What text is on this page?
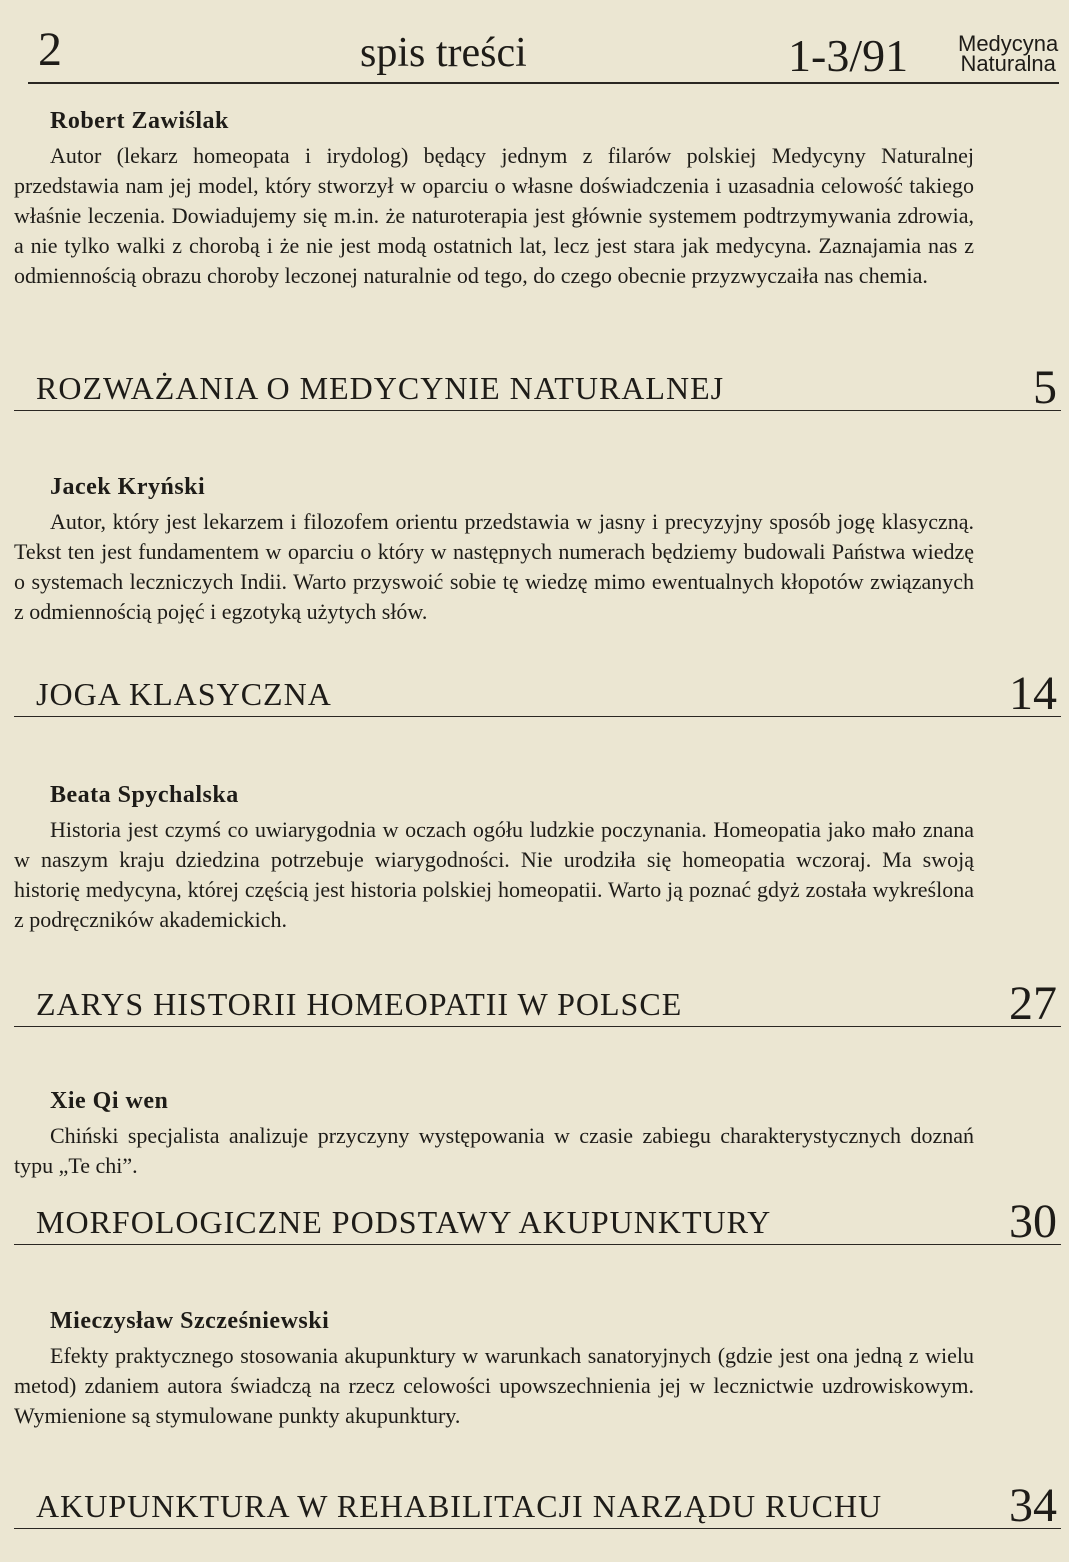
2	spis treści	1-3/91 Medycyna
Naturalna
Robert Zawiślak

Autor (lekarz homeopata i irydolog) będący jednym z filarów polskiej Medycyny Naturalnej przedstawia nam jej model, który stworzył w oparciu o własne doświadczenia i uzasadnia celowość takiego właśnie leczenia. Dowiadujemy się m.in. że naturoterapia jest głównie systemem podtrzymywania zdrowia, a nie tylko walki z chorobą i że nie jest modą ostatnich lat, lecz jest stara jak medycyna. Zaznajamia nas z odmiennością obrazu choroby leczonej naturalnie od tego, do czego obecnie przyzwyczaiła nas chemia.

ROZWAŻANIA O MEDYCYNIE NATURALNEJ	5
Jacek Kryński

Autor, który jest lekarzem i filozofem orientu przedstawia w jasny i precyzyjny sposób jogę klasyczną. Tekst ten jest fundamentem w oparciu o który w następnych numerach będziemy budowali Państwa wiedzę o systemach leczniczych Indii. Warto przyswoić sobie tę wiedzę mimo ewentualnych kłopotów związanych z odmiennością pojęć i egzotyką użytych słów.

JOGA KLASYCZNA	14
Beata Spychalska

Historia jest czymś co uwiarygodnia w oczach ogółu ludzkie poczynania. Homeopatia jako mało znana w naszym kraju dziedzina potrzebuje wiarygodności. Nie urodziła się homeopatia wczoraj. Ma swoją historię medycyna, której częścią jest historia polskiej homeopatii. Warto ją poznać gdyż została wykreślona z podręczników akademickich.

ZARYS HISTORII HOMEOPATII W POLSCE	27
Xie Qi wen

Chiński specjalista analizuje przyczyny występowania w czasie zabiegu charakterystycznych doznań typu „Te chi”.

MORFOLOGICZNE PODSTAWY AKUPUNKTURY	30
Mieczysław Szcześniewski

Efekty praktycznego stosowania akupunktury w warunkach sanatoryjnych (gdzie jest ona jedną z wielu metod) zdaniem autora świadczą na rzecz celowości upowszechnienia jej w lecznictwie uzdrowiskowym. Wymienione są stymulowane punkty akupunktury.

AKUPUNKTURA W REHABILITACJI NARZĄDU RUCHU	34
